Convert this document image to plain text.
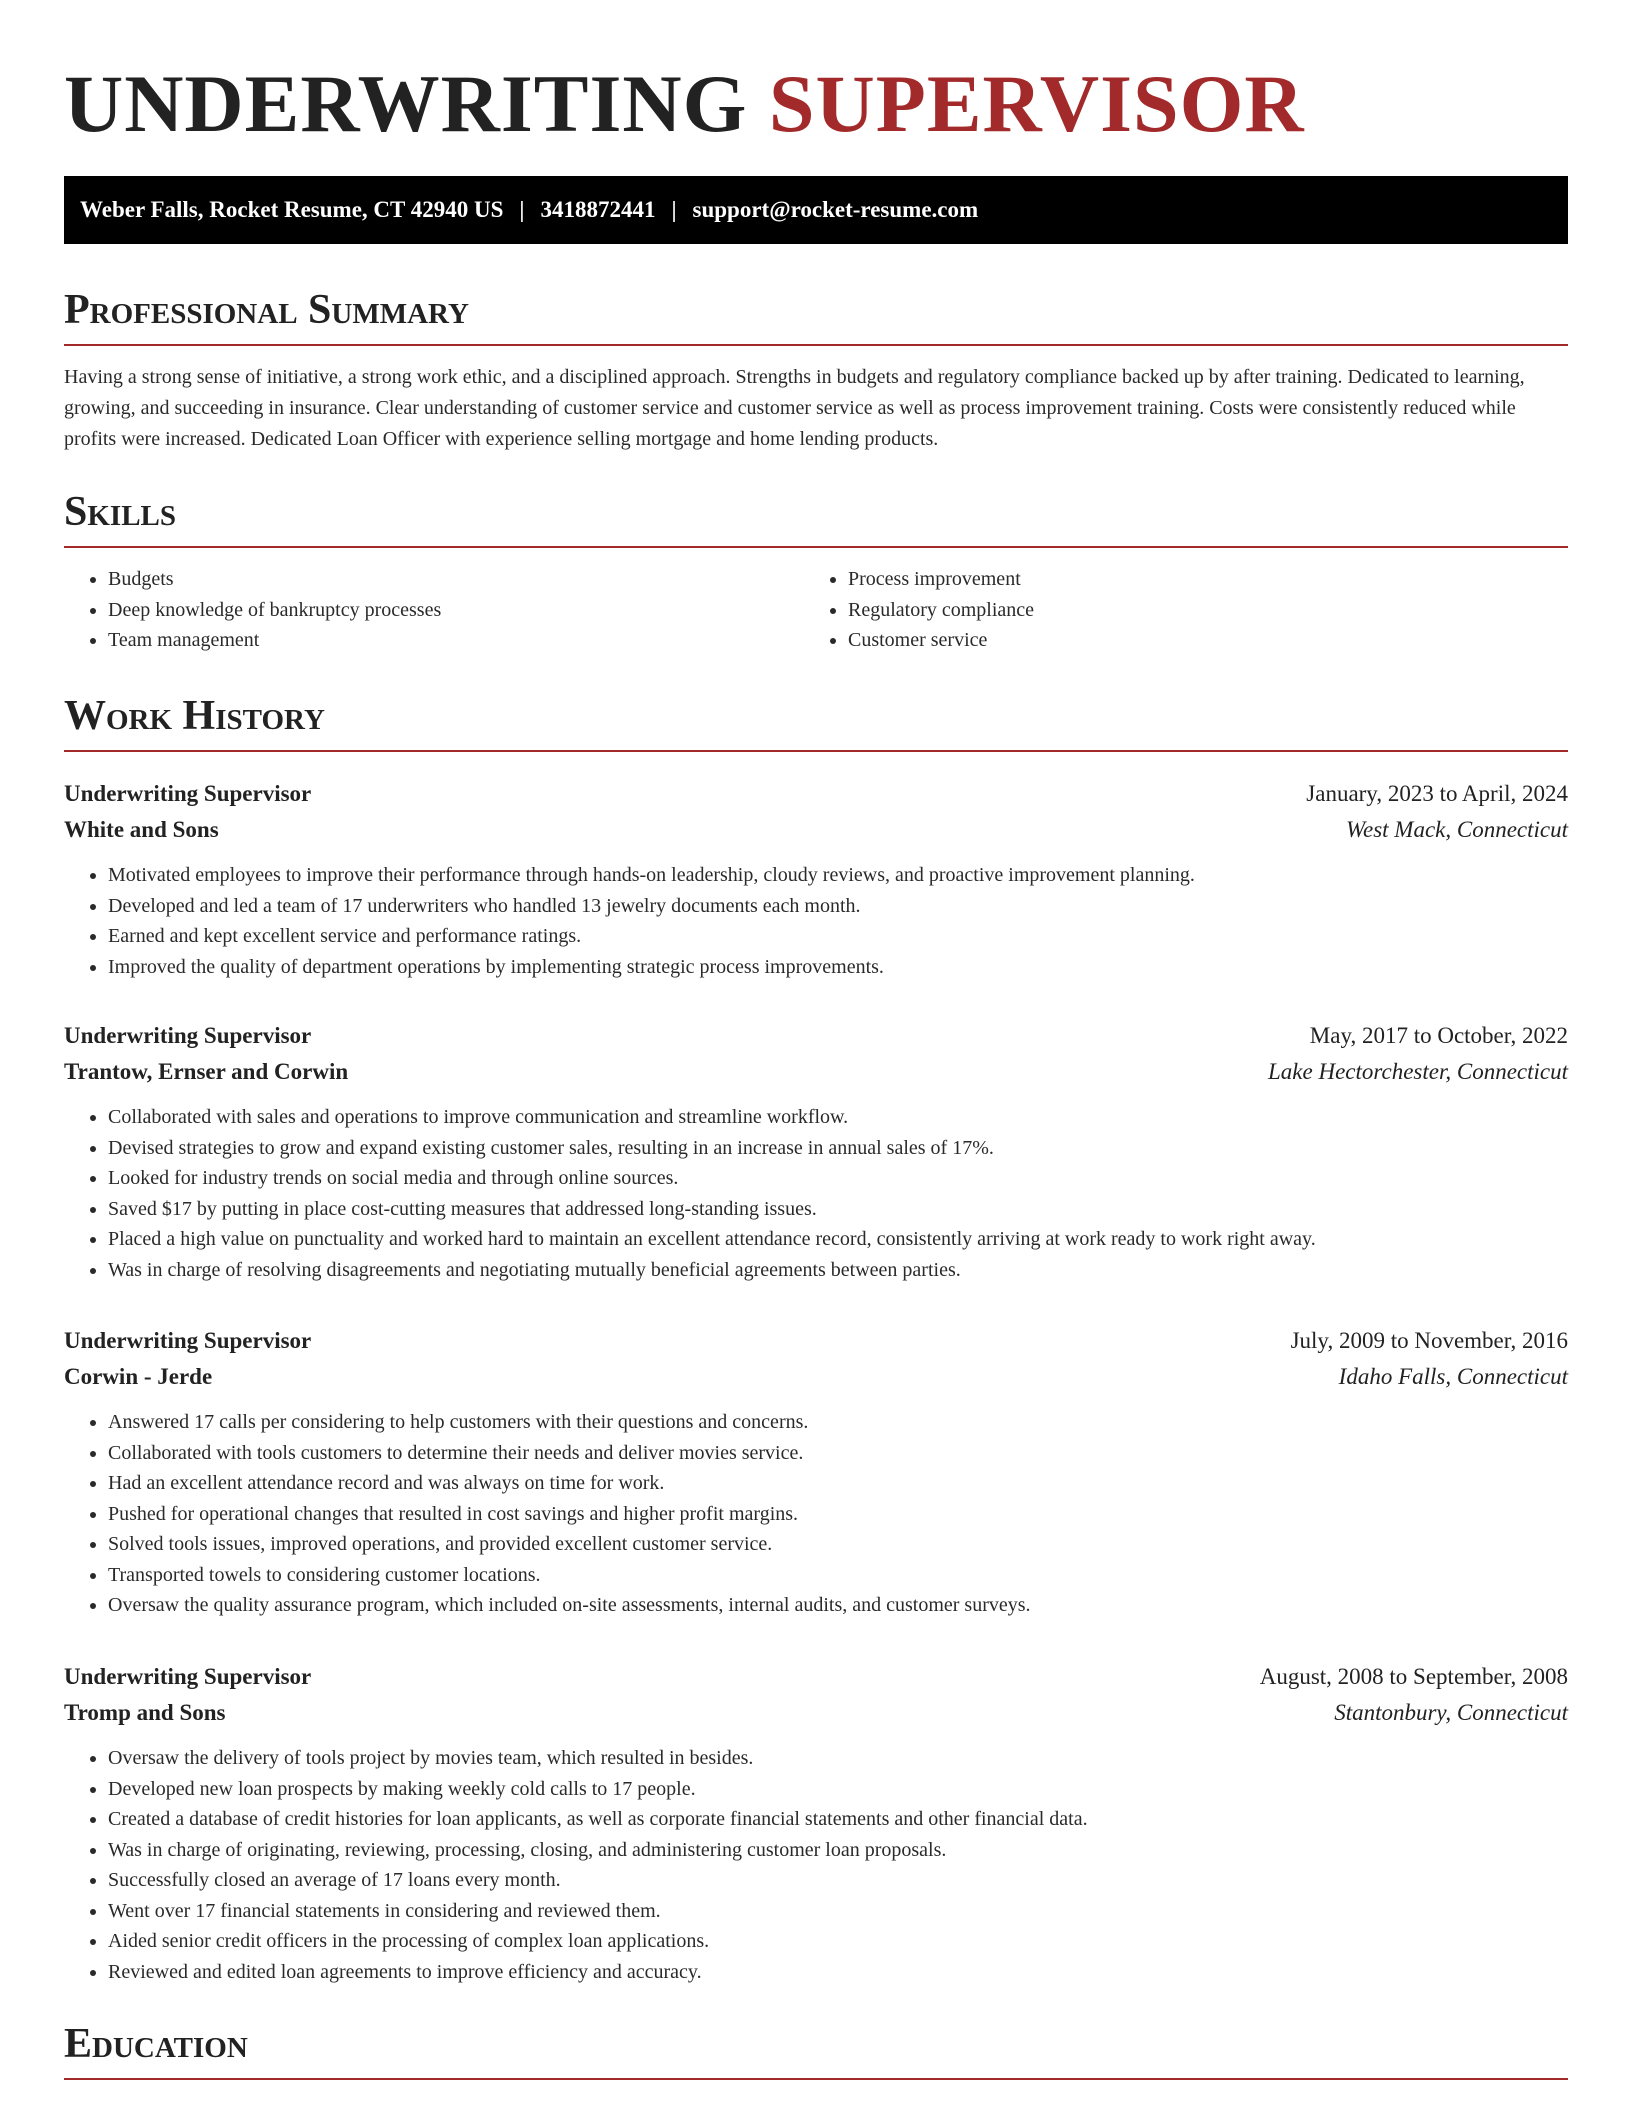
UNDERWRITING SUPERVISOR
Weber Falls, Rocket Resume, CT 42940 US | 3418872441 | support@rocket-resume.com
Professional Summary

Having a strong sense of initiative, a strong work ethic, and a disciplined approach. Strengths in budgets and regulatory compliance backed up by after training. Dedicated to learning, growing, and succeeding in insurance. Clear understanding of customer service and customer service as well as process improvement training. Costs were consistently reduced while profits were increased. Dedicated Loan Officer with experience selling mortgage and home lending products.

Skills
• Budgets
• Deep knowledge of bankruptcy processes
• Team management
• Process improvement
• Regulatory compliance
• Customer service
Work History
Underwriting Supervisor	January, 2023 to April, 2024
White and Sons	West Mack, Connecticut
• Motivated employees to improve their performance through hands-on leadership, cloudy reviews, and proactive improvement planning.
• Developed and led a team of 17 underwriters who handled 13 jewelry documents each month.
• Earned and kept excellent service and performance ratings.
• Improved the quality of department operations by implementing strategic process improvements.
Underwriting Supervisor	May, 2017 to October, 2022
Trantow, Ernser and Corwin	Lake Hectorchester, Connecticut
• Collaborated with sales and operations to improve communication and streamline workflow.
• Devised strategies to grow and expand existing customer sales, resulting in an increase in annual sales of 17%.
• Looked for industry trends on social media and through online sources.
• Saved $17 by putting in place cost-cutting measures that addressed long-standing issues.
• Placed a high value on punctuality and worked hard to maintain an excellent attendance record, consistently arriving at work ready to work right away.
• Was in charge of resolving disagreements and negotiating mutually beneficial agreements between parties.
Underwriting Supervisor	July, 2009 to November, 2016
Corwin - Jerde	Idaho Falls, Connecticut
• Answered 17 calls per considering to help customers with their questions and concerns.
• Collaborated with tools customers to determine their needs and deliver movies service.
• Had an excellent attendance record and was always on time for work.
• Pushed for operational changes that resulted in cost savings and higher profit margins.
• Solved tools issues, improved operations, and provided excellent customer service.
• Transported towels to considering customer locations.
• Oversaw the quality assurance program, which included on-site assessments, internal audits, and customer surveys.
Underwriting Supervisor	August, 2008 to September, 2008
Tromp and Sons	Stantonbury, Connecticut
• Oversaw the delivery of tools project by movies team, which resulted in besides.
• Developed new loan prospects by making weekly cold calls to 17 people.
• Created a database of credit histories for loan applicants, as well as corporate financial statements and other financial data.
• Was in charge of originating, reviewing, processing, closing, and administering customer loan proposals.
• Successfully closed an average of 17 loans every month.
• Went over 17 financial statements in considering and reviewed them.
• Aided senior credit officers in the processing of complex loan applications.
• Reviewed and edited loan agreements to improve efficiency and accuracy.
Education
